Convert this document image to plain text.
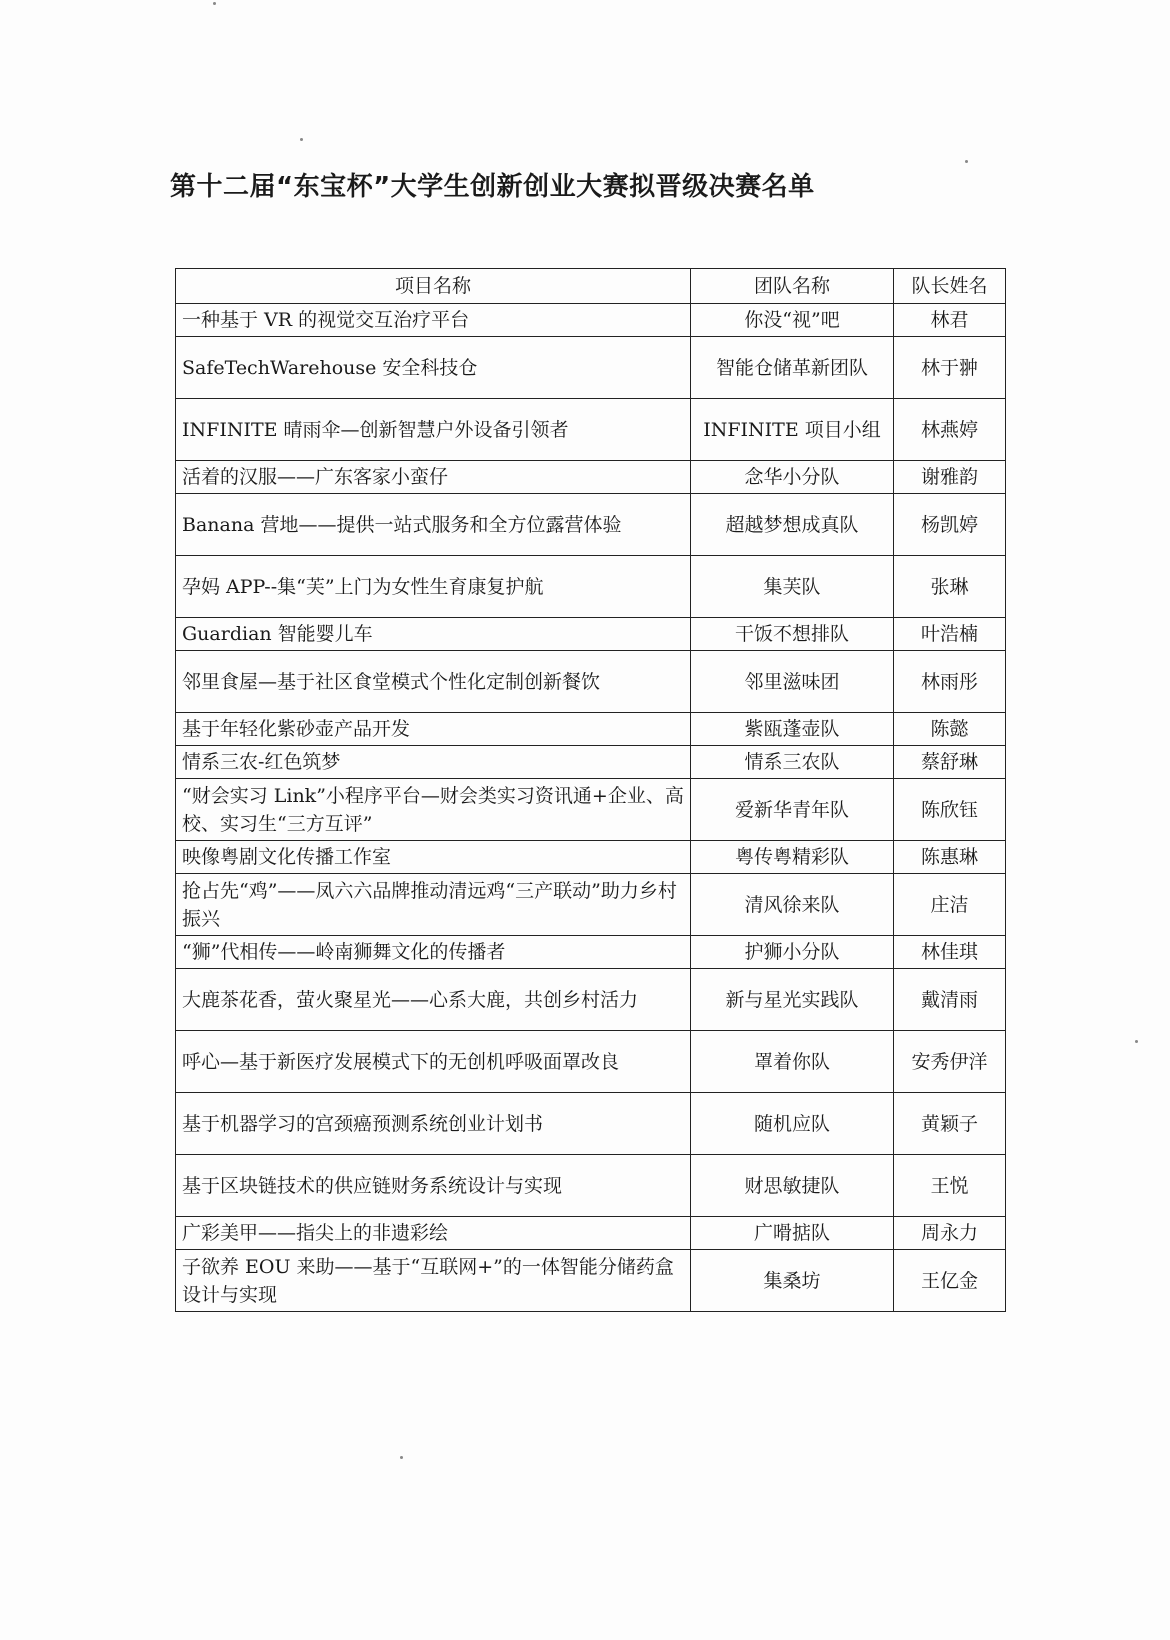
第十二届“东宝杯”大学生创新创业大赛拟晋级决赛名单
项目名称	团队名称	队长姓名
一种基于 VR 的视觉交互治疗平台	你没“视”吧	林君
SafeTechWarehouse 安全科技仓	智能仓储革新团队	林于翀
INFINITE 晴雨伞—创新智慧户外设备引领者	INFINITE 项目小组	林燕婷
活着的汉服——广东客家小蛮仔	念华小分队	谢雅韵
Banana 营地——提供一站式服务和全方位露营体验	超越梦想成真队	杨凯婷
孕妈 APP--集“芙”上门为女性生育康复护航	集芙队	张琳
Guardian 智能婴儿车	干饭不想排队	叶浩楠
邻里食屋—基于社区食堂模式个性化定制创新餐饮	邻里滋味团	林雨彤
基于年轻化紫砂壶产品开发	紫瓯蓬壶队	陈懿
情系三农-红色筑梦	情系三农队	蔡舒琳
“财会实习 Link”小程序平台—财会类实习资讯通+企业、高校、实习生“三方互评”	爱新华青年队	陈欣钰
映像粤剧文化传播工作室	粤传粤精彩队	陈惠琳
抢占先“鸡”——凤六六品牌推动清远鸡“三产联动”助力乡村振兴	清风徐来队	庄洁
“狮”代相传——岭南狮舞文化的传播者	护狮小分队	林佳琪
大鹿茶花香，萤火聚星光——心系大鹿，共创乡村活力	新与星光实践队	戴清雨
呼心—基于新医疗发展模式下的无创机呼吸面罩改良	罩着你队	安秀伊洋
基于机器学习的宫颈癌预测系统创业计划书	随机应队	黄颖子
基于区块链技术的供应链财务系统设计与实现	财思敏捷队	王悦
广彩美甲——指尖上的非遗彩绘	广嗗掂队	周永力
子欲养 EOU 来助——基于“互联网+”的一体智能分储药盒设计与实现	集桑坊	王亿金
